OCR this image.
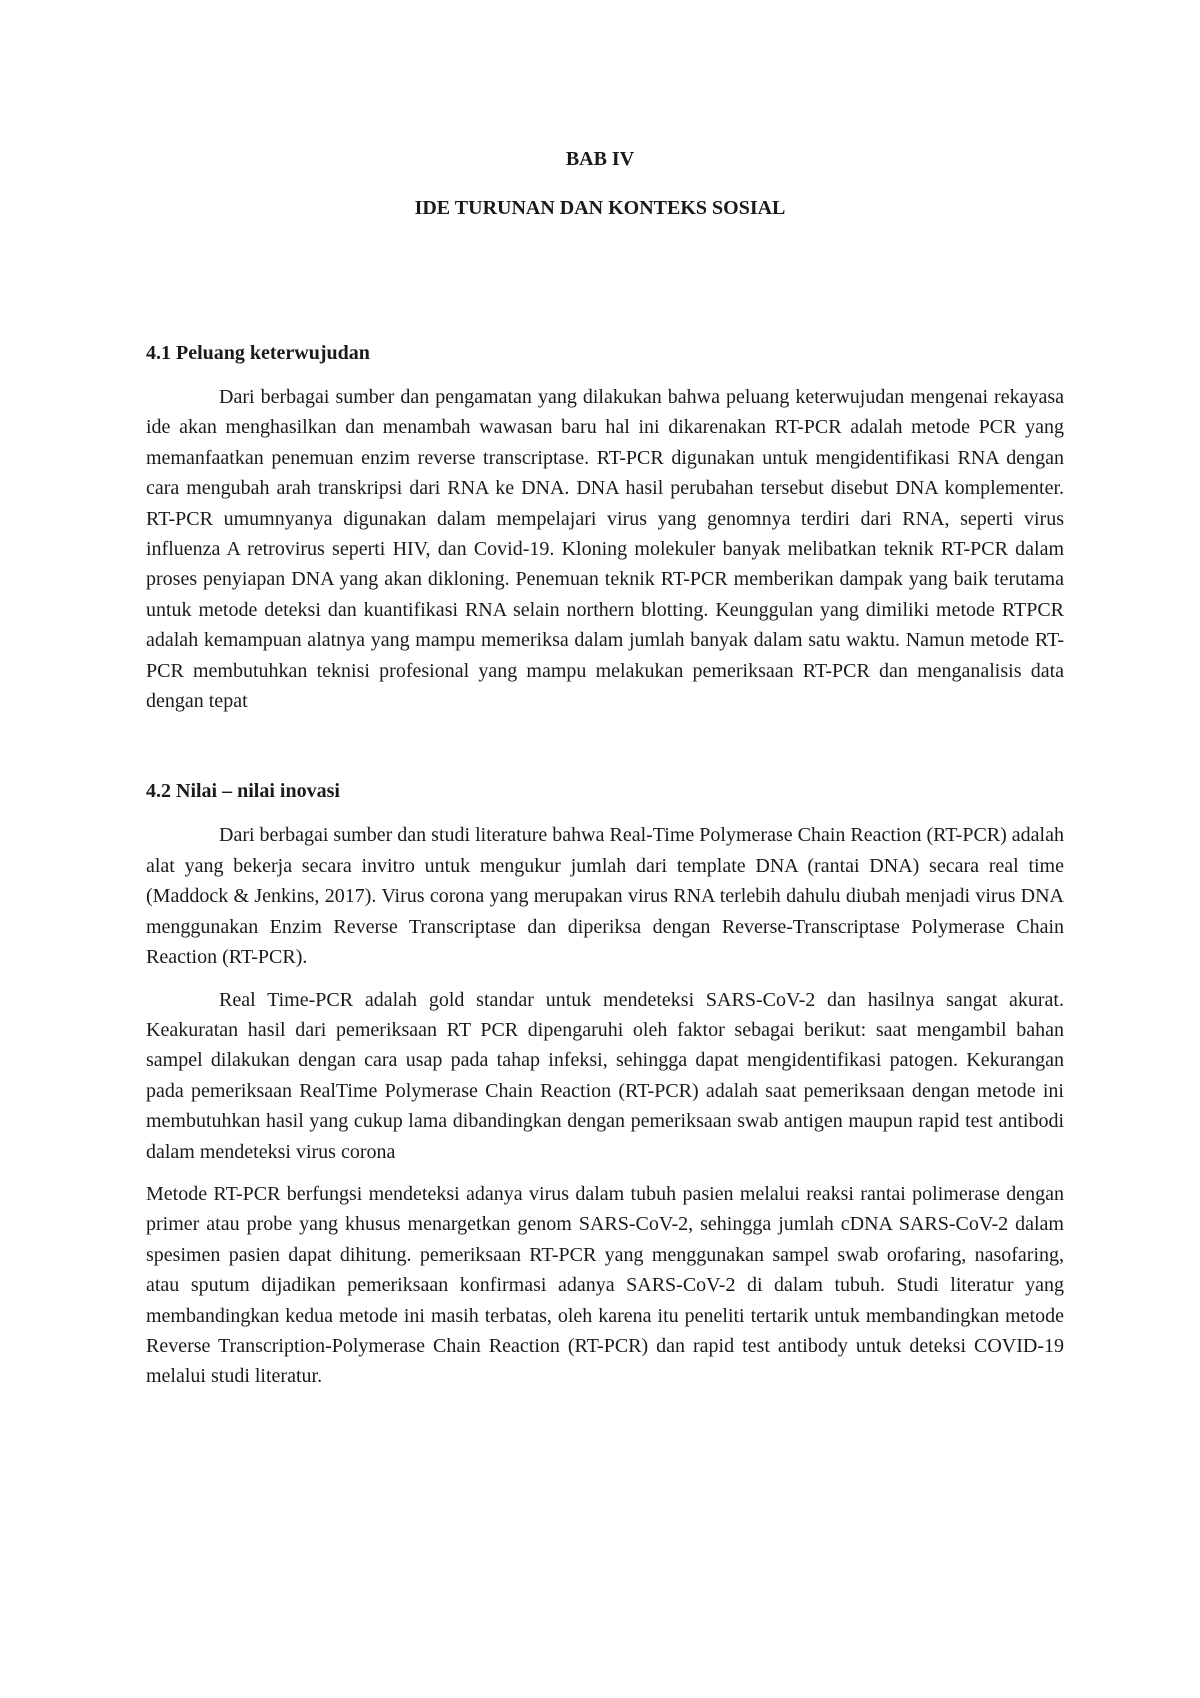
BAB IV
IDE TURUNAN DAN KONTEKS SOSIAL
4.1 Peluang keterwujudan

Dari berbagai sumber dan pengamatan yang dilakukan bahwa peluang keterwujudan mengenai rekayasa ide akan menghasilkan dan menambah wawasan baru hal ini dikarenakan RT-PCR adalah metode PCR yang memanfaatkan penemuan enzim reverse transcriptase. RT-PCR digunakan untuk mengidentifikasi RNA dengan cara mengubah arah transkripsi dari RNA ke DNA. DNA hasil perubahan tersebut disebut DNA komplementer. RT-PCR umumnyanya digunakan dalam mempelajari virus yang genomnya terdiri dari RNA, seperti virus influenza A retrovirus seperti HIV, dan Covid-19. Kloning molekuler banyak melibatkan teknik RT-PCR dalam proses penyiapan DNA yang akan dikloning. Penemuan teknik RT-PCR memberikan dampak yang baik terutama untuk metode deteksi dan kuantifikasi RNA selain northern blotting. Keunggulan yang dimiliki metode RTPCR adalah kemampuan alatnya yang mampu memeriksa dalam jumlah banyak dalam satu waktu. Namun metode RT-PCR membutuhkan teknisi profesional yang mampu melakukan pemeriksaan RT-PCR dan menganalisis data dengan tepat

4.2 Nilai – nilai inovasi

Dari berbagai sumber dan studi literature bahwa Real-Time Polymerase Chain Reaction (RT-PCR) adalah alat yang bekerja secara invitro untuk mengukur jumlah dari template DNA (rantai DNA) secara real time (Maddock & Jenkins, 2017). Virus corona yang merupakan virus RNA terlebih dahulu diubah menjadi virus DNA menggunakan Enzim Reverse Transcriptase dan diperiksa dengan Reverse-Transcriptase Polymerase Chain Reaction (RT-PCR).

Real Time-PCR adalah gold standar untuk mendeteksi SARS-CoV-2 dan hasilnya sangat akurat. Keakuratan hasil dari pemeriksaan RT PCR dipengaruhi oleh faktor sebagai berikut: saat mengambil bahan sampel dilakukan dengan cara usap pada tahap infeksi, sehingga dapat mengidentifikasi patogen. Kekurangan pada pemeriksaan RealTime Polymerase Chain Reaction (RT-PCR) adalah saat pemeriksaan dengan metode ini membutuhkan hasil yang cukup lama dibandingkan dengan pemeriksaan swab antigen maupun rapid test antibodi dalam mendeteksi virus corona

Metode RT-PCR berfungsi mendeteksi adanya virus dalam tubuh pasien melalui reaksi rantai polimerase dengan primer atau probe yang khusus menargetkan genom SARS-CoV-2, sehingga jumlah cDNA SARS-CoV-2 dalam spesimen pasien dapat dihitung. pemeriksaan RT-PCR yang menggunakan sampel swab orofaring, nasofaring, atau sputum dijadikan pemeriksaan konfirmasi adanya SARS-CoV-2 di dalam tubuh. Studi literatur yang membandingkan kedua metode ini masih terbatas, oleh karena itu peneliti tertarik untuk membandingkan metode Reverse Transcription-Polymerase Chain Reaction (RT-PCR) dan rapid test antibody untuk deteksi COVID-19 melalui studi literatur.
